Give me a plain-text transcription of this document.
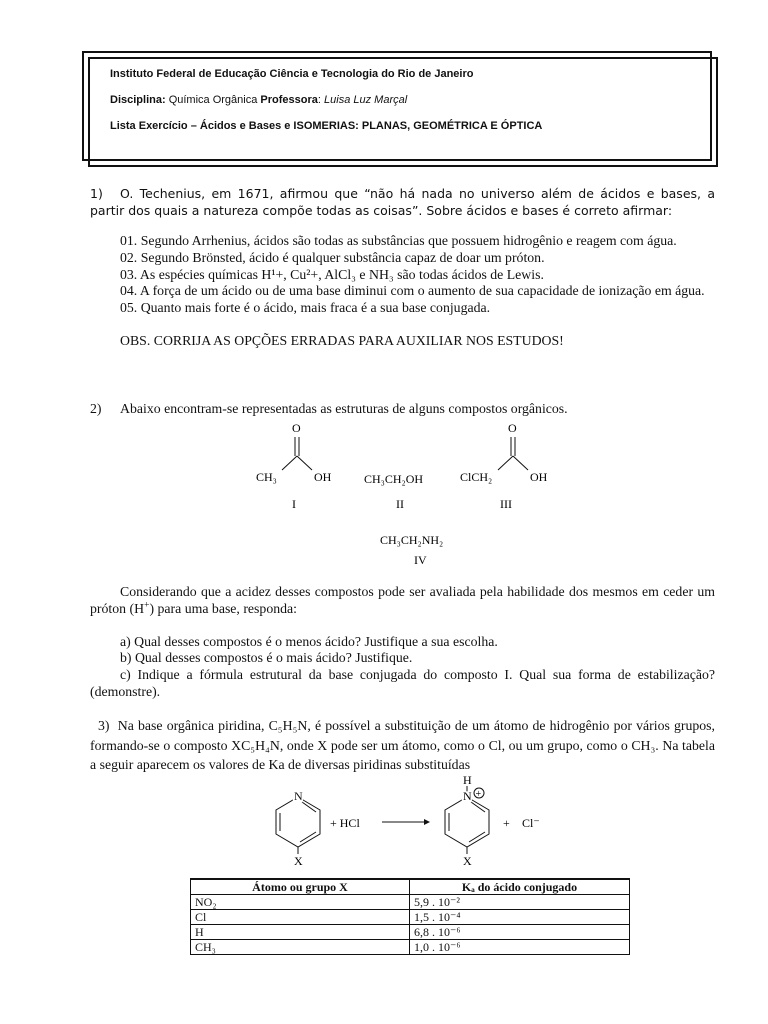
Instituto Federal de Educação Ciência e Tecnologia do Rio de Janeiro

Disciplina: Química Orgânica Professora: Luisa Luz Marçal

Lista Exercício – Ácidos e Bases e ISOMERIAS: PLANAS, GEOMÉTRICA E ÓPTICA

1) O. Techenius, em 1671, afirmou que “não há nada no universo além de ácidos e bases, a partir dos quais a natureza compõe todas as coisas”. Sobre ácidos e bases é correto afirmar:

01. Segundo Arrhenius, ácidos são todas as substâncias que possuem hidrogênio e reagem com água.

02. Segundo Brönsted, ácido é qualquer substância capaz de doar um próton.

03. As espécies químicas H¹+, Cu²+, AlCl₃ e NH₃ são todas ácidos de Lewis.

04. A força de um ácido ou de uma base diminui com o aumento de sua capacidade de ionização em água.

05. Quanto mais forte é o ácido, mais fraca é a sua base conjugada.

OBS. CORRIJA AS OPÇÕES ERRADAS PARA AUXILIAR NOS ESTUDOS!

2) Abaixo encontram-se representadas as estruturas de alguns compostos orgânicos.
O
CH₃	OH
I
CH₃CH₂OH
II
O
ClCH₂	OH
III
CH₃CH₂NH₂
IV

Considerando que a acidez desses compostos pode ser avaliada pela habilidade dos mesmos em ceder um próton (H+) para uma base, responda:

a) Qual desses compostos é o menos ácido? Justifique a sua escolha.

b) Qual desses compostos é o mais ácido? Justifique.

c) Indique a fórmula estrutural da base conjugada do composto I. Qual sua forma de estabilização? (demonstre).

3) Na base orgânica piridina, C₅H₅N, é possível a substituição de um átomo de hidrogênio por vários grupos, formando-se o composto XC₅H₄N, onde X pode ser um átomo, como o Cl, ou um grupo, como o CH₃. Na tabela a seguir aparecem os valores de Ka de diversas piridinas substituídas
N
X
+ HCl
H
N +
X
+ Cl⁻
Átomo ou grupo X	Kₐ do ácido conjugado
NO₂	5,9 . 10⁻²
Cl	1,5 . 10⁻⁴
H	6,8 . 10⁻⁶
CH₃	1,0 . 10⁻⁶
